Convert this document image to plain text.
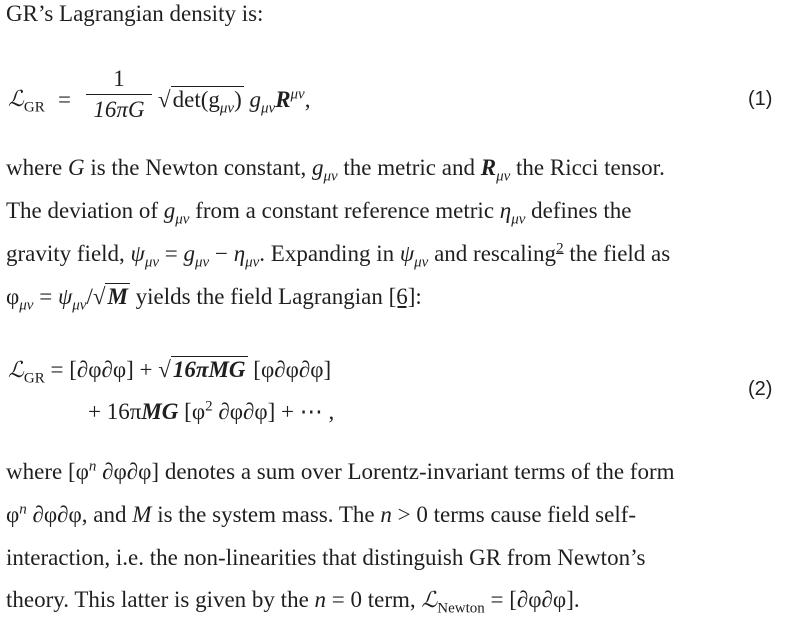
GR’s Lagrangian density is:
ℒ$_{GR}$ =
1
16πG $√\det(g_{\mu\nu})$ $g_{\mu\nu}R^{\mu\nu}$,	(1)
where G is the Newton constant, $g_{\mu\nu}$ the metric and $R_{\mu\nu}$ the Ricci tensor.
The deviation of $g_{\mu\nu}$ from a constant reference metric $\eta_{\mu\nu}$ defines the
gravity field, $\psi_{\mu\nu} = g_{\mu\nu} - \eta_{\mu\nu}$. Expanding in $\psi_{\mu\nu}$ and rescaling$^2$ the field as
$\varphi_{\mu\nu} = \psi_{\mu\nu}/√M$ yields the field Lagrangian [6]:
ℒ$_{GR}$ = [∂φ∂φ] + √16πMG [φ∂φ∂φ]
+ 16πMG [$\varphi^2$ ∂φ∂φ] + ⋯ ,
(2)
where [$\varphi^n$ ∂φ∂φ] denotes a sum over Lorentz-invariant terms of the form
$\varphi^n$ ∂φ∂φ, and M is the system mass. The n > 0 terms cause field self-
interaction, i.e. the non-linearities that distinguish GR from Newton’s
theory. This latter is given by the n = 0 term, ℒ$_{Newton}$ = [∂φ∂φ].
